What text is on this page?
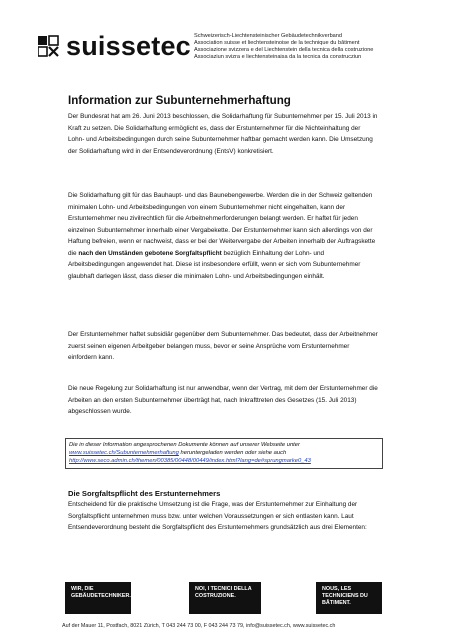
suissetec Schweizerisch-Liechtensteinischer Gebäudetechnikverband
Association suisse et liechtensteinoise de la technique du bâtiment
Associazione svizzera e del Liechtenstein della tecnica della costruzione
Associaziun svizra e liechtensteinaisa da la tecnica da construcziun
Information zur Subunternehmerhaftung

Der Bundesrat hat am 26. Juni 2013 beschlossen, die Solidarhaftung für Subunternehmer per 15. Juli 2013 in Kraft zu setzen. Die Solidarhaftung ermöglicht es, dass der Erstunternehmer für die Nichteinhaltung der Lohn- und Arbeitsbedingungen durch seine Subunternehmer haftbar gemacht werden kann. Die Umsetzung der Solidarhaftung wird in der Entsendeverordnung (EntsV) konkretisiert.

Die Solidarhaftung gilt für das Bauhaupt- und das Baunebengewerbe. Werden die in der Schweiz geltenden minimalen Lohn- und Arbeitsbedingungen von einem Subunternehmer nicht eingehalten, kann der Erstunternehmer neu zivilrechtlich für die Arbeitnehmerforderungen belangt werden. Er haftet für jeden einzelnen Subunternehmer innerhalb einer Vergabekette. Der Erstunternehmer kann sich allerdings von der Haftung befreien, wenn er nachweist, dass er bei der Weitervergabe der Arbeiten innerhalb der Auftragskette die nach den Umständen gebotene Sorgfaltspflicht bezüglich Einhaltung der Lohn- und Arbeitsbedingungen angewendet hat. Diese ist insbesondere erfüllt, wenn er sich vom Subunternehmer glaubhaft darlegen lässt, dass dieser die minimalen Lohn- und Arbeitsbedingungen einhält.

Der Erstunternehmer haftet subsidiär gegenüber dem Subunternehmer. Das bedeutet, dass der Arbeitnehmer zuerst seinen eigenen Arbeitgeber belangen muss, bevor er seine Ansprüche vom Erstunternehmer einfordern kann.

Die neue Regelung zur Solidarhaftung ist nur anwendbar, wenn der Vertrag, mit dem der Erstunternehmer die Arbeiten an den ersten Subunternehmer überträgt hat, nach Inkrafttreten des Gesetzes (15. Juli 2013) abgeschlossen wurde.

Die in dieser Information angesprochenen Dokumente können auf unserer Webseite unter www.suissetec.ch/Subunternehmerhaftung heruntergeladen werden oder siehe auch
http://www.seco.admin.ch/themen/00385/00448/00449/index.html?lang=de#sprungmarke0_43
Die Sorgfaltspflicht des Erstunternehmers

Entscheidend für die praktische Umsetzung ist die Frage, was der Erstunternehmer zur Einhaltung der Sorgfaltspflicht unternehmen muss bzw. unter welchen Voraussetzungen er sich entlasten kann. Laut Entsendeverordnung besteht die Sorgfaltspflicht des Erstunternehmers grundsätzlich aus drei Elementen:

WIR, DIE GEBÄUDETECHNIKER.
NOI, I TECNICI DELLA COSTRUZIONE.
NOUS, LES TECHNICIENS DU BÂTIMENT.
Auf der Mauer 11, Postfach, 8021 Zürich, T 043 244 73 00, F 043 244 73 79, info@suissetec.ch, www.suissetec.ch
